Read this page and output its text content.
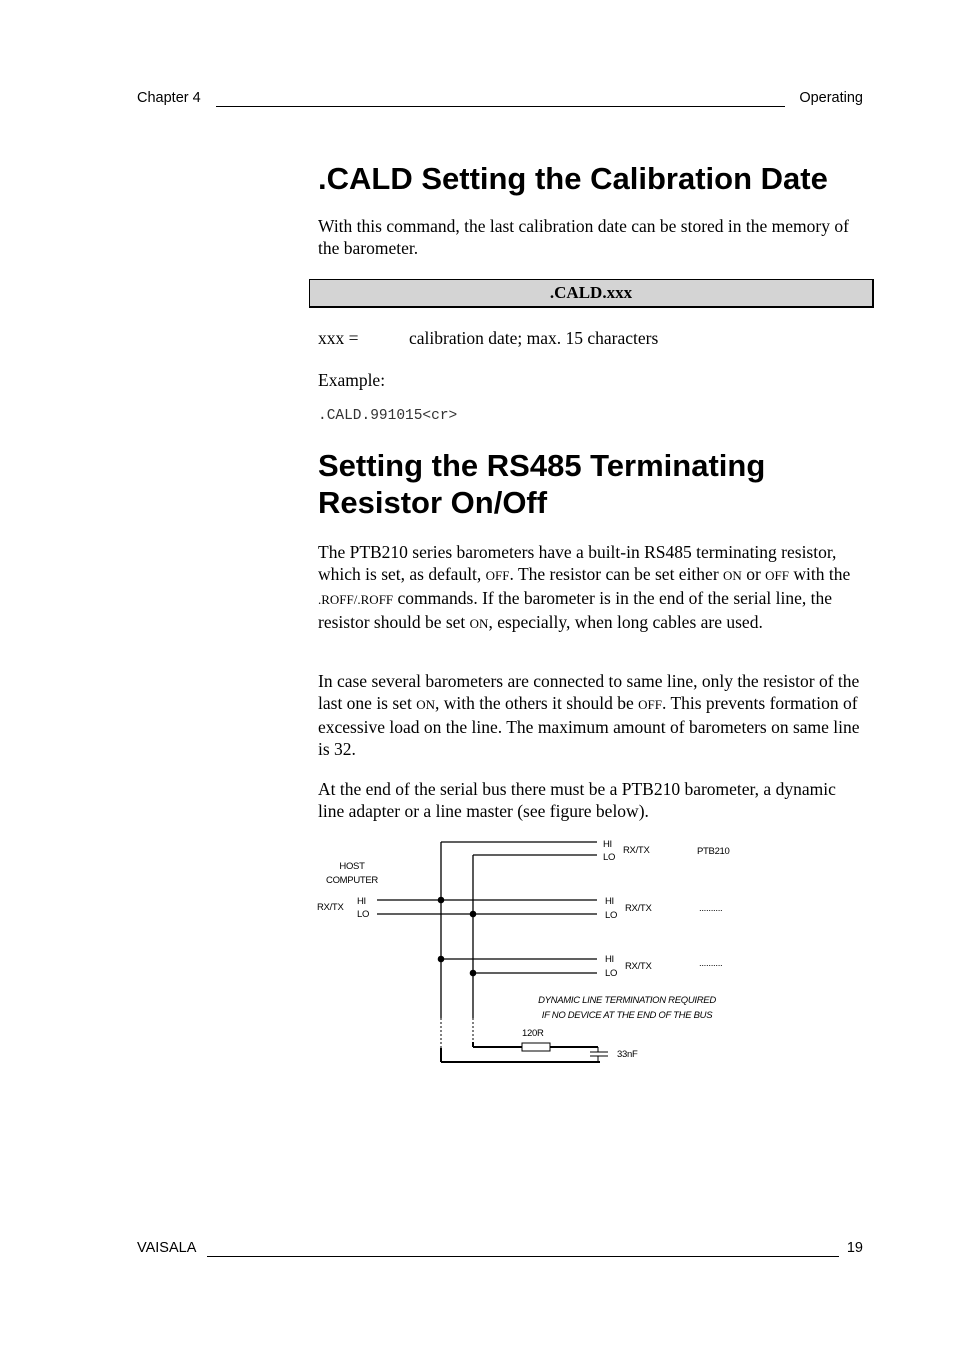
Chapter 4	Operating
.CALD Setting the Calibration Date

With this command, the last calibration date can be stored in the memory of the barometer.

.CALD.xxx
xxx =	calibration date; max. 15 characters

Example:

.CALD.991015<cr>
Setting the RS485 Terminating
Resistor On/Off

The PTB210 series barometers have a built-in RS485 terminating resistor, which is set, as default, OFF. The resistor can be set either ON or OFF with the .ROFF/.ROFF commands. If the barometer is in the end of the serial line, the resistor should be set ON, especially, when long cables are used.

In case several barometers are connected to same line, only the resistor of the last one is set ON, with the others it should be OFF. This prevents formation of excessive load on the line. The maximum amount of barometers on same line is 32.

At the end of the serial bus there must be a PTB210 barometer, a dynamic line adapter or a line master (see figure below).

HOST
COMPUTER
RX/TX
HI
LO
HI
LO
RX/TX	PTB210
HI
LO
RX/TX	..........
HI
LO
RX/TX	..........
DYNAMIC LINE TERMINATION REQUIRED
IF NO DEVICE AT THE END OF THE BUS
120R
33nF
VAISALA	19
